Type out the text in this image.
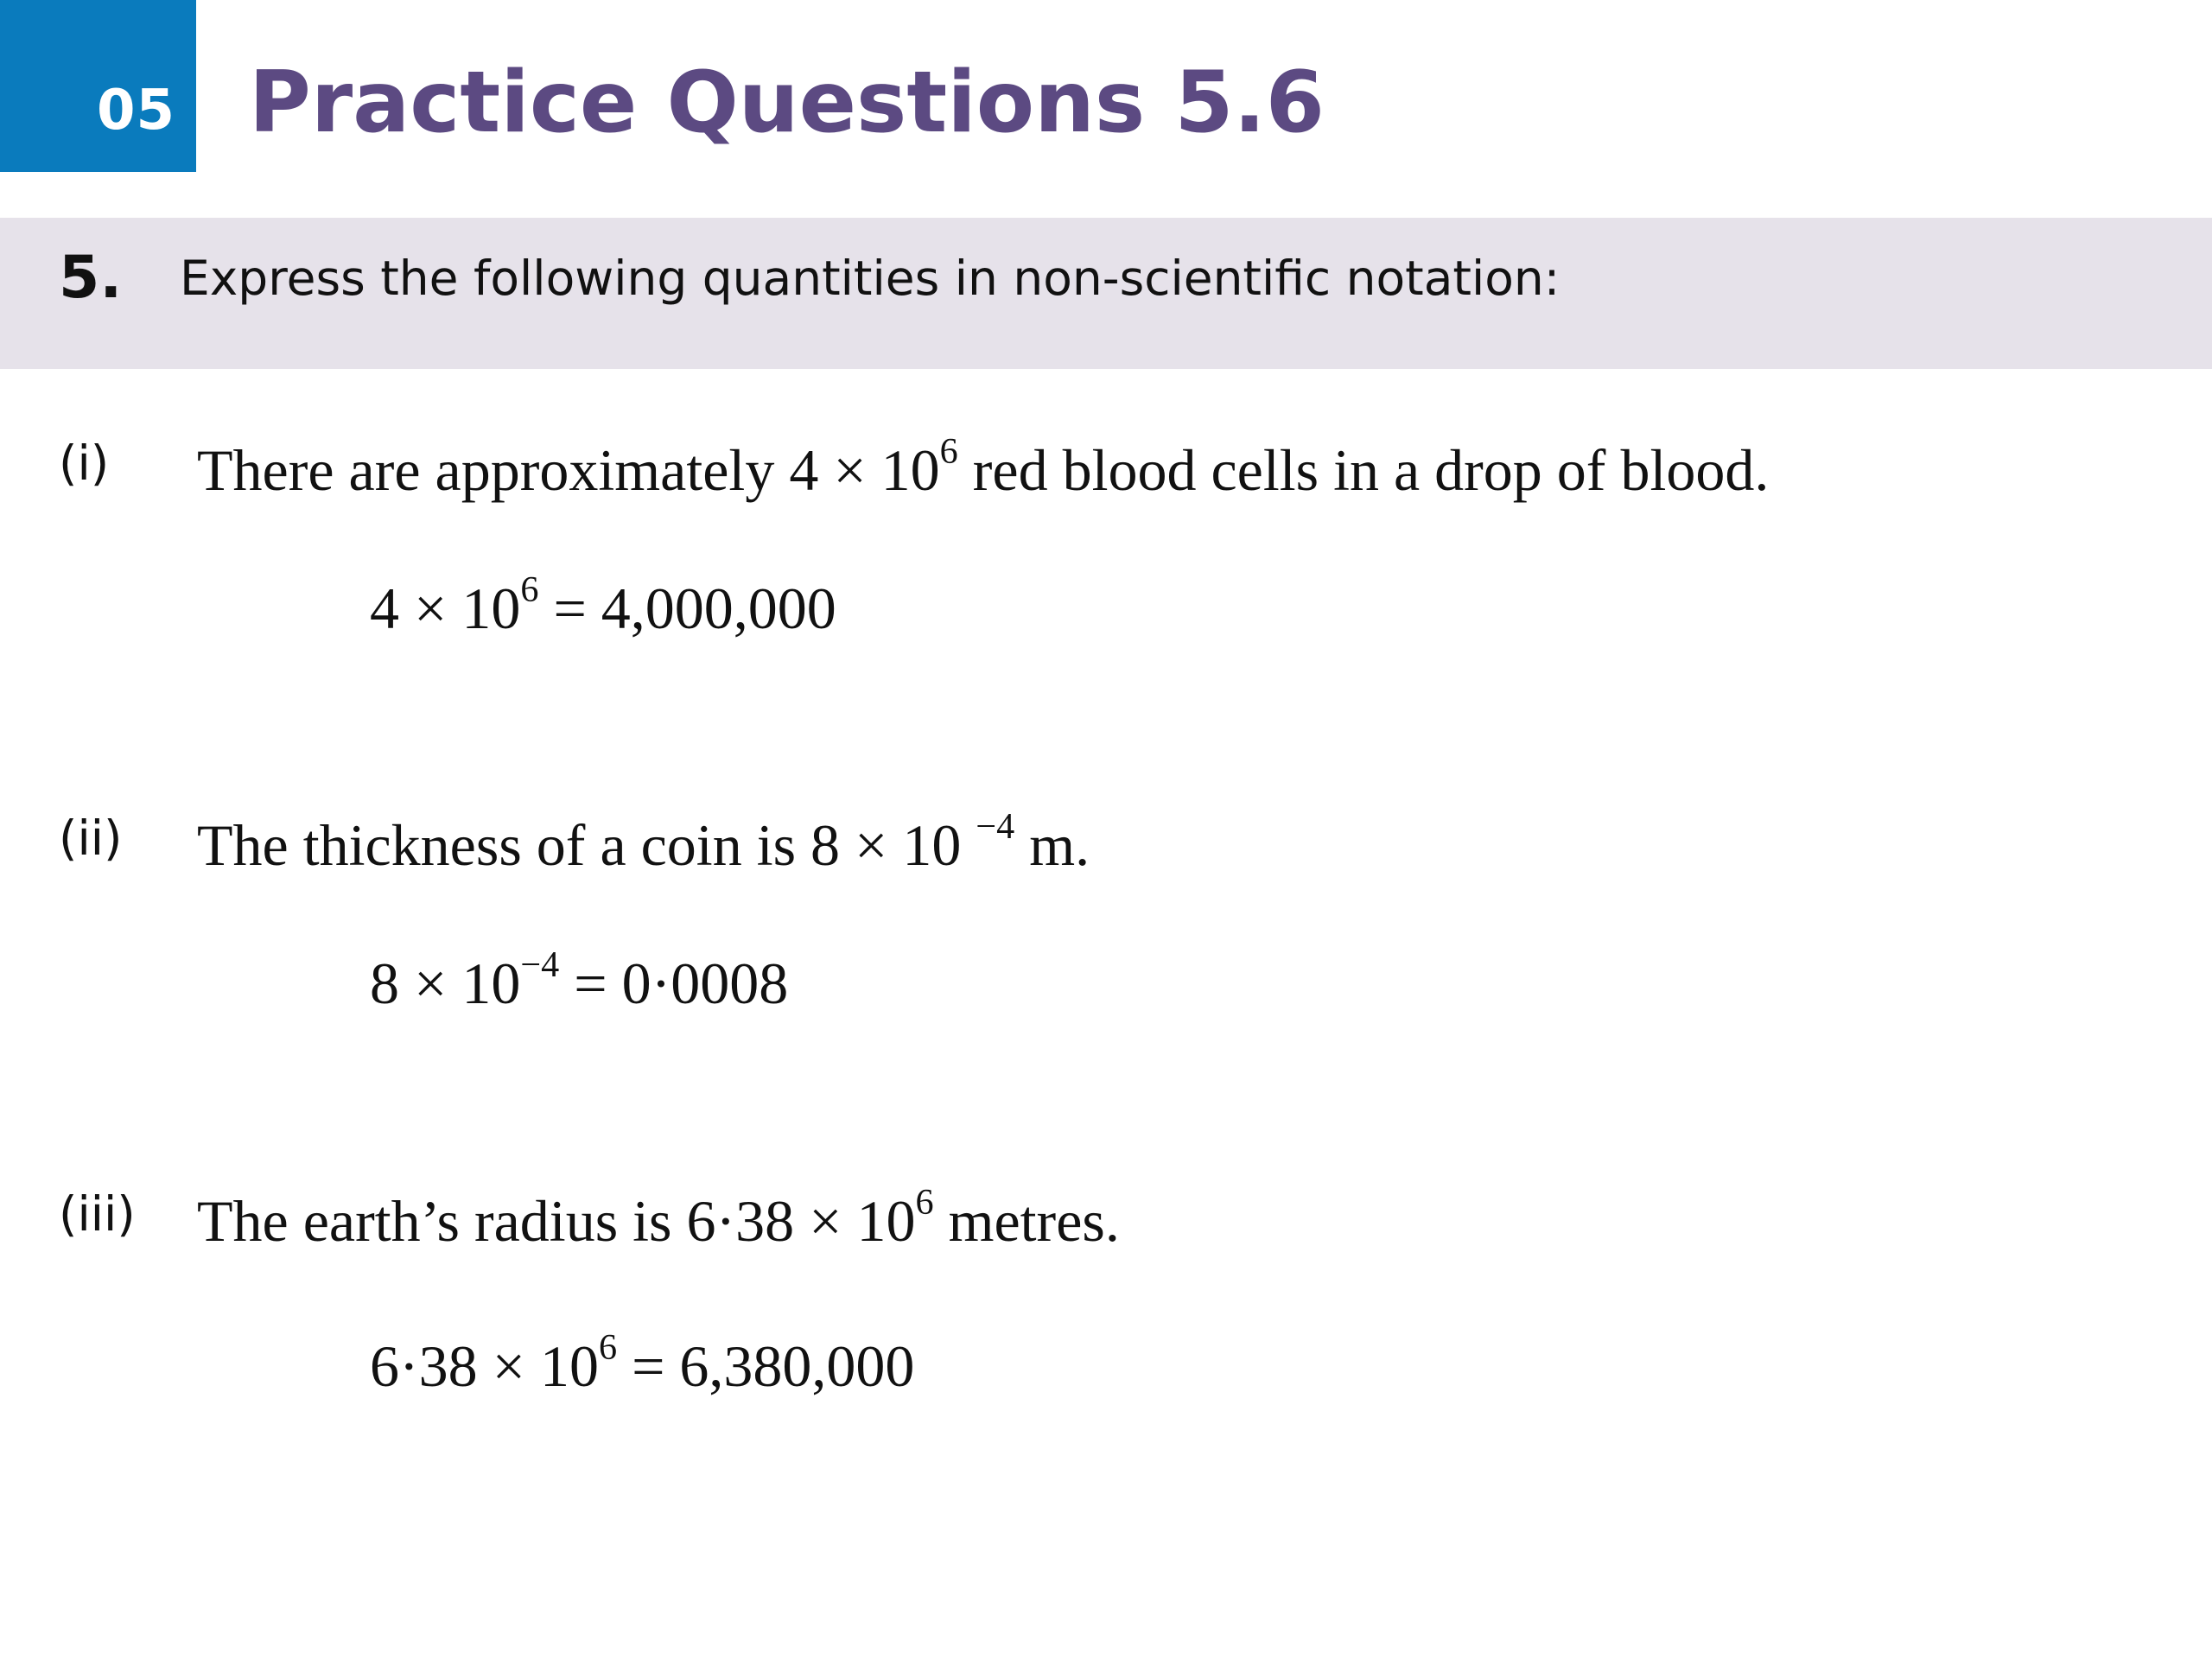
05 Practice Questions 5.6
5. Express the following quantities in non-scientific notation:
(i) There are approximately $4 \times 10^6$ red blood cells in a drop of blood.
$4 \times 10^6 = 4,000,000$
(ii) The thickness of a coin is 8 × 10 $^{-4}$ m.
$8 \times 10^{-4} = 0\cdot 0008$
(iii) The earth’s radius is $6\cdot 38 \times 10^6$ metres.
$6\cdot 38 \times 10^6 = 6,380,000$
